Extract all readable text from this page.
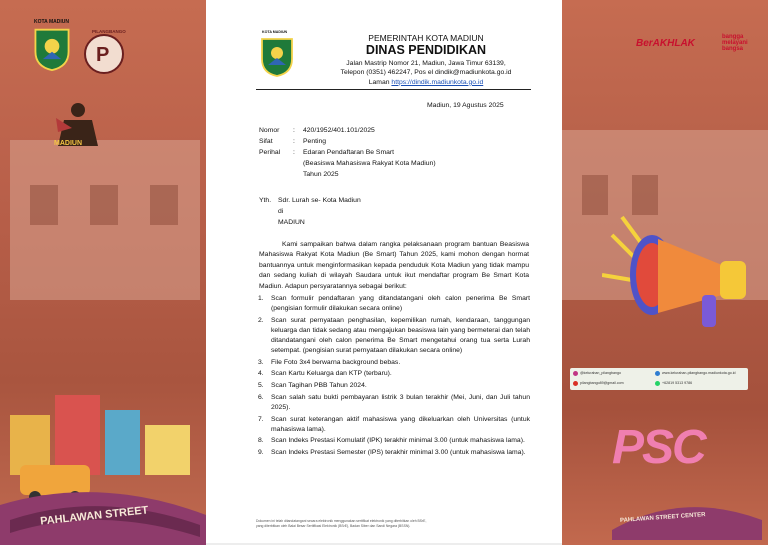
PAHLAWAN STREET
KOTA MADIUN
P
PILANGBANGO
MADIUN
BerAKHLAK
bangga
melayani
bangsa
PSC
PAHLAWAN STREET CENTER
@kelurahan_pilangbango	www.kelurahan-pilangbango.madiunkota.go.id
pilangbango89@gmail.com	+62819 5313 9786
KOTA MADIUN
PEMERINTAH KOTA MADIUN
DINAS PENDIDIKAN
Jalan Mastrip Nomor 21, Madiun, Jawa Timur 63139,
Telepon (0351) 462247, Pos el dindik@madiunkota.go.id
Laman https://dindik.madiunkota.go.id
Madiun, 19 Agustus 2025
Nomor : 420/1952/401.101/2025
Sifat	: Penting
Perihal : Edaran Pendaftaran Be Smart
(Beasiswa Mahasiswa Rakyat Kota Madiun)
Tahun 2025
Yth. Sdr. Lurah se- Kota Madiun
di
MADIUN
Kami sampaikan bahwa dalam rangka pelaksanaan program bantuan Beasiswa Mahasiswa Rakyat Kota Madiun (Be Smart) Tahun 2025, kami mohon dengan hormat bantuannya untuk menginformasikan kepada penduduk Kota Madiun yang tidak mampu dan sedang kuliah di wilayah Saudara untuk ikut mendaftar program Be Smart Kota Madiun. Adapun persyaratannya sebagai berikut:
1. Scan formulir pendaftaran yang ditandatangani oleh calon penerima Be Smart (pengisian formulir dilakukan secara online)
2. Scan surat pernyataan penghasilan, kepemilikan rumah, kendaraan, tanggungan keluarga dan tidak sedang atau mengajukan beasiswa lain yang bermeterai dan telah ditandatangani oleh calon penerima Be Smart mengetahui orang tua serta Lurah setempat. (pengisian surat pernyataan dilakukan secara online)
3. File Foto 3x4 berwarna background bebas.
4. Scan Kartu Keluarga dan KTP (terbaru).
5. Scan Tagihan PBB Tahun 2024.
6. Scan salah satu bukti pembayaran listrik 3 bulan terakhir (Mei, Juni, dan Juli tahun 2025).
7. Scan surat keterangan aktif mahasiswa yang dikeluarkan oleh Universitas (untuk mahasiswa lama).
8. Scan Indeks Prestasi Komulatif (IPK) terakhir minimal 3.00 (untuk mahasiswa lama).
9. Scan Indeks Prestasi Semester (IPS) terakhir minimal 3.00 (untuk mahasiswa lama).
Dokumen ini telah ditandatangani secara elektronik menggunakan sertifikat elektronik yang diterbitkan oleh BSrE,
yang diterbitkan oleh Balai Besar Sertifikasi Elektronik (BSrE), Badan Siber dan Sandi Negara (BSSN).
